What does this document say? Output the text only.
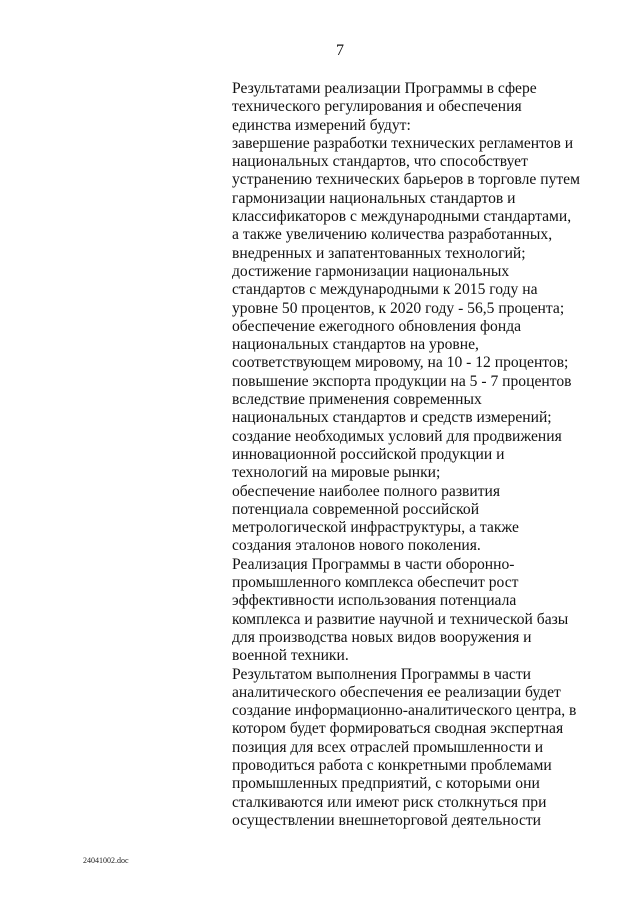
7
Результатами реализации Программы в сфере
технического регулирования и обеспечения
единства измерений будут:
завершение разработки технических регламентов и
национальных стандартов, что способствует
устранению технических барьеров в торговле путем
гармонизации национальных стандартов и
классификаторов с международными стандартами,
а также увеличению количества разработанных,
внедренных и запатентованных технологий;
достижение гармонизации национальных
стандартов с международными к 2015 году на
уровне 50 процентов, к 2020 году - 56,5 процента;
обеспечение ежегодного обновления фонда
национальных стандартов на уровне,
соответствующем мировому, на 10 - 12 процентов;
повышение экспорта продукции на 5 - 7 процентов
вследствие применения современных
национальных стандартов и средств измерений;
создание необходимых условий для продвижения
инновационной российской продукции и
технологий на мировые рынки;
обеспечение наиболее полного развития
потенциала современной российской
метрологической инфраструктуры, а также
создания эталонов нового поколения.
Реализация Программы в части оборонно-
промышленного комплекса обеспечит рост
эффективности использования потенциала
комплекса и развитие научной и технической базы
для производства новых видов вооружения и
военной техники.
Результатом выполнения Программы в части
аналитического обеспечения ее реализации будет
создание информационно-аналитического центра, в
котором будет формироваться сводная экспертная
позиция для всех отраслей промышленности и
проводиться работа с конкретными проблемами
промышленных предприятий, с которыми они
сталкиваются или имеют риск столкнуться при
осуществлении внешнеторговой деятельности
24041002.doc
